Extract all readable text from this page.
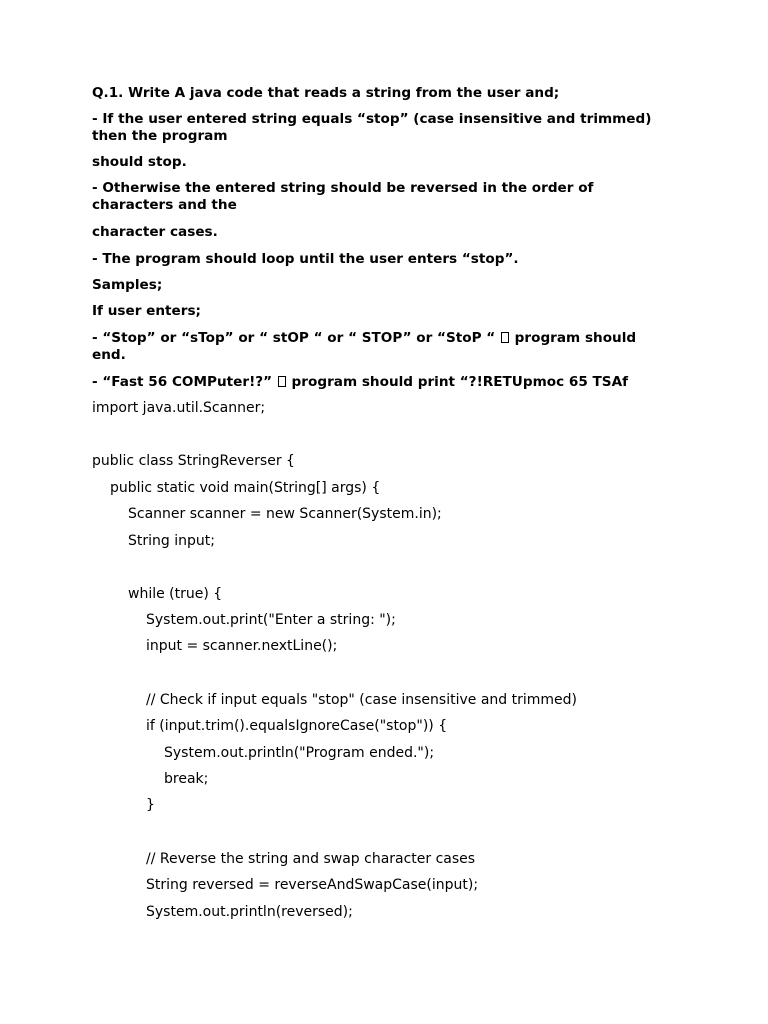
Q.1. Write A java code that reads a string from the user and;
- If the user entered string equals “stop” (case insensitive and trimmed)
then the program
should stop.
- Otherwise the entered string should be reversed in the order of
characters and the
character cases.
- The program should loop until the user enters “stop”.
Samples;
If user enters;
- “Stop” or “sTop” or “ stOP “ or “ STOP” or “StoP “  program should
end.
- “Fast 56 COMPuter!?”  program should print “?!RETUpmoc 65 TSAf
import java.util.Scanner;
public class StringReverser {
public static void main(String[] args) {
Scanner scanner = new Scanner(System.in);
String input;
while (true) {
System.out.print("Enter a string: ");
input = scanner.nextLine();
// Check if input equals "stop" (case insensitive and trimmed)
if (input.trim().equalsIgnoreCase("stop")) {
System.out.println("Program ended.");
break;
}
// Reverse the string and swap character cases
String reversed = reverseAndSwapCase(input);
System.out.println(reversed);
